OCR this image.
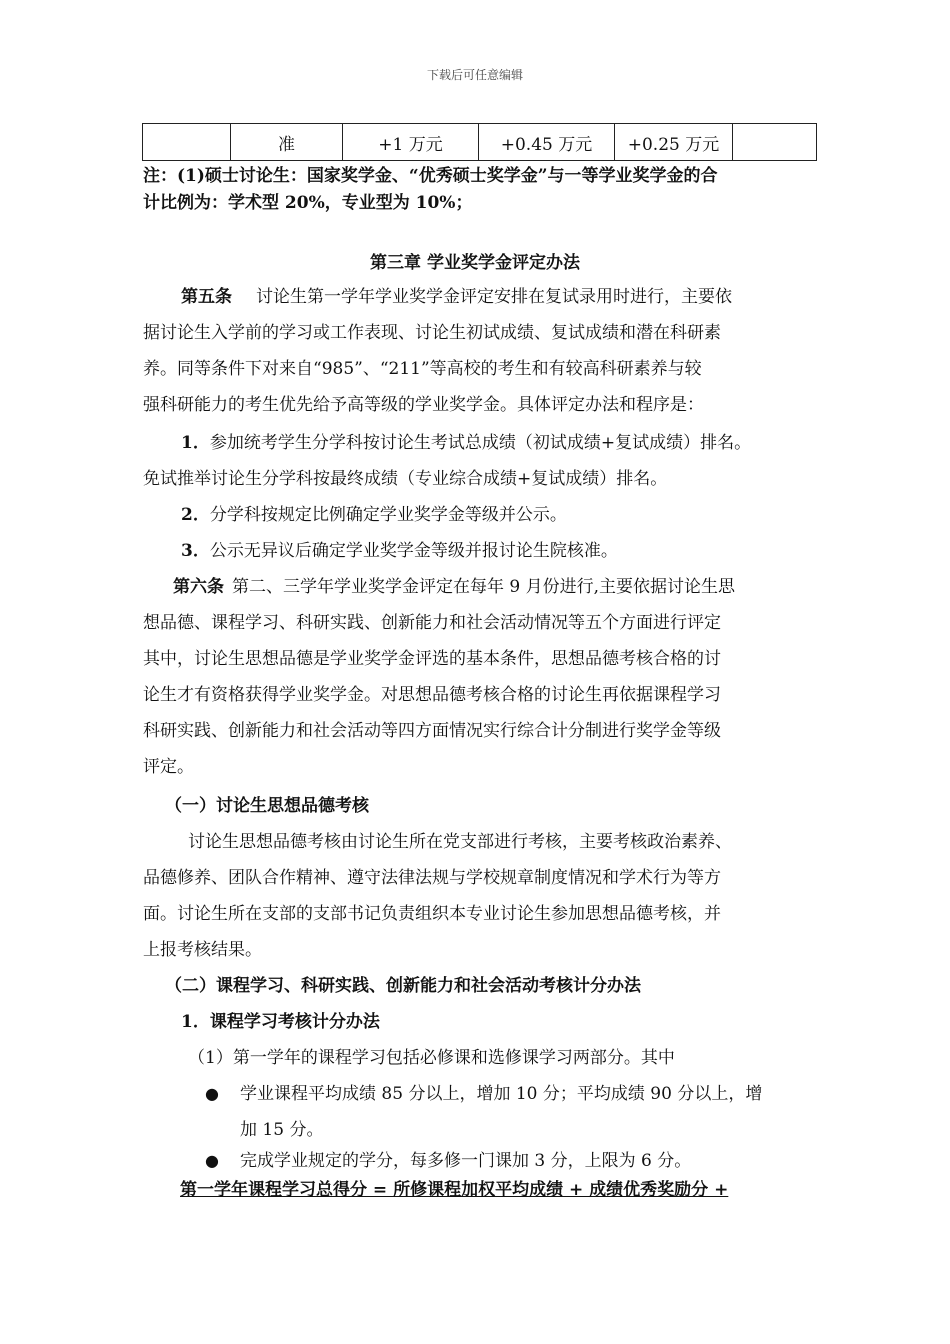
下载后可任意编辑
	准	+1 万元	+0.45 万元	+0.25 万元	
注：(1)硕士讨论生：国家奖学金、“优秀硕士奖学金”与一等学业奖学金的合
计比例为：学术型 20%，专业型为 10%；
第三章 学业奖学金评定办法
第五条 讨论生第一学年学业奖学金评定安排在复试录用时进行，主要依
据讨论生入学前的学习或工作表现、讨论生初试成绩、复试成绩和潜在科研素
养。同等条件下对来自“985”、“211”等高校的考生和有较高科研素养与较
强科研能力的考生优先给予高等级的学业奖学金。具体评定办法和程序是：
1．参加统考学生分学科按讨论生考试总成绩（初试成绩+复试成绩）排名。
免试推举讨论生分学科按最终成绩（专业综合成绩+复试成绩）排名。
2．分学科按规定比例确定学业奖学金等级并公示。
3．公示无异议后确定学业奖学金等级并报讨论生院核准。
第六条 第二、三学年学业奖学金评定在每年 9 月份进行,主要依据讨论生思
想品德、课程学习、科研实践、创新能力和社会活动情况等五个方面进行评定
其中，讨论生思想品德是学业奖学金评选的基本条件，思想品德考核合格的讨
论生才有资格获得学业奖学金。对思想品德考核合格的讨论生再依据课程学习
科研实践、创新能力和社会活动等四方面情况实行综合计分制进行奖学金等级
评定。
（一）讨论生思想品德考核
讨论生思想品德考核由讨论生所在党支部进行考核，主要考核政治素养、
品德修养、团队合作精神、遵守法律法规与学校规章制度情况和学术行为等方
面。讨论生所在支部的支部书记负责组织本专业讨论生参加思想品德考核，并
上报考核结果。
（二）课程学习、科研实践、创新能力和社会活动考核计分办法
1．课程学习考核计分办法
（1）第一学年的课程学习包括必修课和选修课学习两部分。其中
● 学业课程平均成绩 85 分以上，增加 10 分；平均成绩 90 分以上，增
加 15 分。
● 完成学业规定的学分，每多修一门课加 3 分，上限为 6 分。
第一学年课程学习总得分 = 所修课程加权平均成绩 + 成绩优秀奖励分 +
